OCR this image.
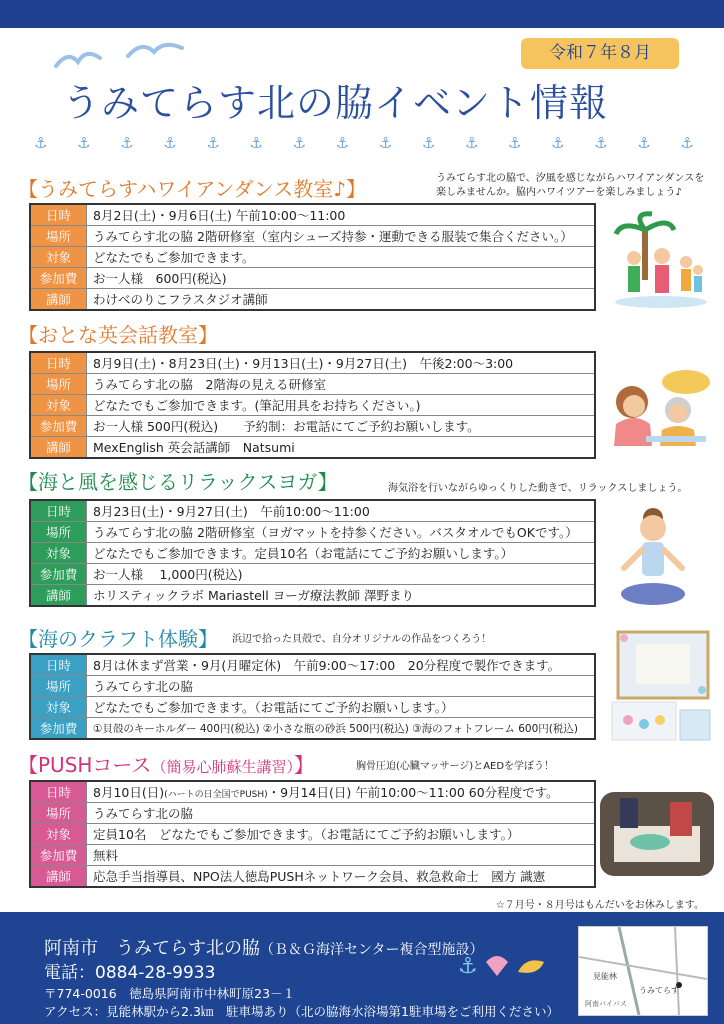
令和７年８月
うみてらす北の脇イベント情報
⚓ ⚓ ⚓ ⚓ ⚓ ⚓ ⚓ ⚓ ⚓ ⚓ ⚓ ⚓ ⚓ ⚓ ⚓ ⚓
【うみてらすハワイアンダンス教室♪】	うみてらす北の脇で、汐風を感じながらハワイアンダンスを
楽しみませんか。脇内ハワイツアーを楽しみましょう♪
日時	8月2日(土)・9月6日(土) 午前10:00～11:00
場所	うみてらす北の脇 2階研修室（室内シューズ持参・運動できる服装で集合ください。）
対象	どなたでもご参加できます。
参加費	お一人様　600円(税込)
講師	わけべのりこフラスタジオ講師
【おとな英会話教室】
日時	8月9日(土)・8月23日(土)・9月13日(土)・9月27日(土)　午後2:00～3:00
場所	うみてらす北の脇　2階海の見える研修室
対象	どなたでもご参加できます。(筆記用具をお持ちください。)
参加費	お一人様 500円(税込)　　予約制：お電話にてご予約お願いします。
講師	MexEnglish 英会話講師　Natsumi
【海と風を感じるリラックスヨガ】	海気浴を行いながらゆっくりした動きで、リラックスしましょう。
日時	8月23日(土)・9月27日(土)　午前10:00～11:00
場所	うみてらす北の脇 2階研修室（ヨガマットを持参ください。バスタオルでもOKです。）
対象	どなたでもご参加できます。定員10名（お電話にてご予約お願いします。）
参加費	お一人様　 1,000円(税込)
講師	ホリスティックラボ Mariastell ヨーガ療法教師 澤野まり
【海のクラフト体験】 浜辺で拾った貝殻で、自分オリジナルの作品をつくろう！
日時	8月は休まず営業・9月(月曜定休)　午前9:00～17:00　20分程度で製作できます。
場所	うみてらす北の脇
対象	どなたでもご参加できます。（お電話にてご予約お願いします。）
参加費	①貝殻のキーホルダー 400円(税込) ②小さな瓶の砂浜 500円(税込) ③海のフォトフレーム 600円(税込)
【PUSHコース（簡易心肺蘇生講習）】	胸骨圧迫(心臓マッサージ)とAEDを学ぼう！
日時	8月10日(日)(ハートの日全国でPUSH)・9月14日(日) 午前10:00～11:00 60分程度です。
場所	うみてらす北の脇
対象	定員10名　どなたでもご参加できます。（お電話にてご予約お願いします。）
参加費	無料
講師	応急手当指導員、NPO法人徳島PUSHネットワーク会員、救急救命士　國方 識憲
☆７月号・８月号はもんだいをお休みします。
阿南市　うみてらす北の脇（Ｂ＆Ｇ海洋センター複合型施設）
電話：0884-28-9933
〒774-0016　徳島県阿南市中林町原23－１
アクセス：見能林駅から2.3㎞　駐車場あり（北の脇海水浴場第1駐車場をご利用ください）
⚓	見能林
うみてらす
阿南バイパス
